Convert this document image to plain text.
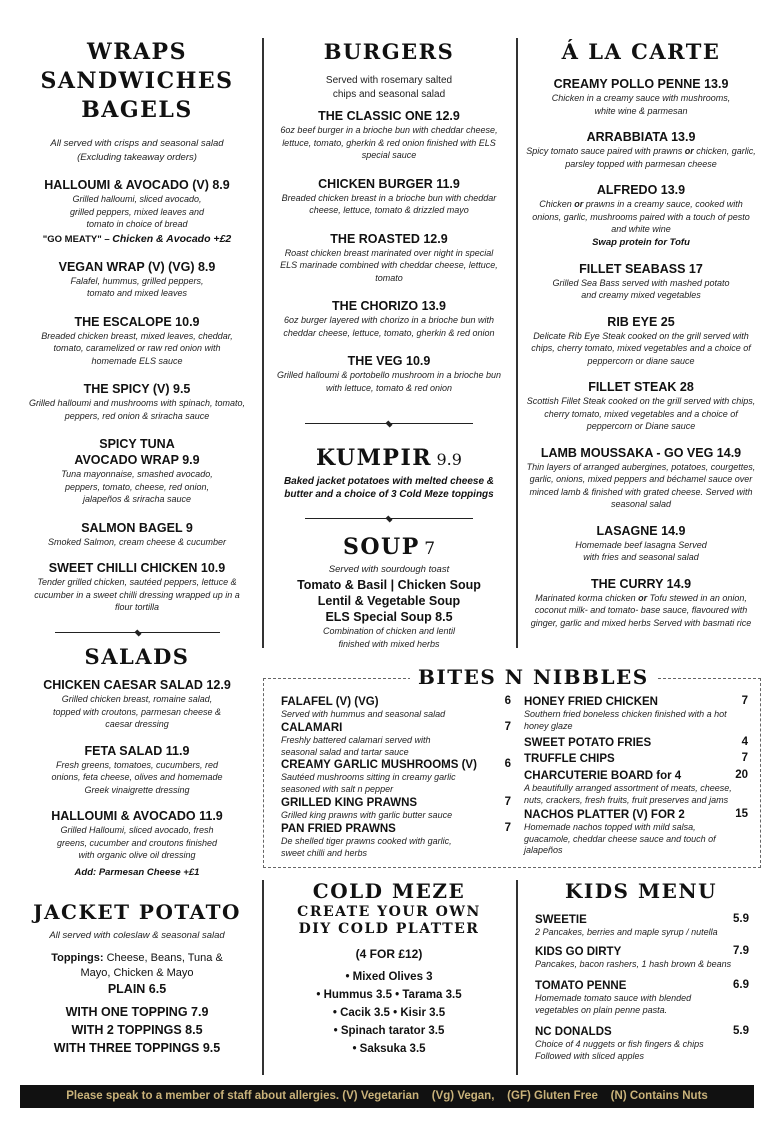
WRAPS
SANDWICHES
BAGELS
All served with crisps and seasonal salad (Excluding takeaway orders)
HALLOUMI & AVOCADO (V) 8.9
Grilled halloumi, sliced avocado, grilled peppers, mixed leaves and tomato in choice of bread
"GO MEATY" – Chicken & Avocado +£2
VEGAN WRAP (V) (VG) 8.9
Falafel, hummus, grilled peppers, tomato and mixed leaves
THE ESCALOPE 10.9
Breaded chicken breast, mixed leaves, cheddar, tomato, caramelized or raw red onion with homemade ELS sauce
THE SPICY (V) 9.5
Grilled halloumi and mushrooms with spinach, tomato, peppers, red onion & sriracha sauce
SPICY TUNA
AVOCADO WRAP 9.9
Tuna mayonnaise, smashed avocado, peppers, tomato, cheese, red onion, jalapeños & sriracha sauce
SALMON BAGEL 9
Smoked Salmon, cream cheese & cucumber
SWEET CHILLI CHICKEN 10.9
Tender grilled chicken, sautéed peppers, lettuce & cucumber in a sweet chilli dressing wrapped up in a flour tortilla
SALADS
CHICKEN CAESAR SALAD 12.9
Grilled chicken breast, romaine salad, topped with croutons, parmesan cheese & caesar dressing
FETA SALAD 11.9
Fresh greens, tomatoes, cucumbers, red onions, feta cheese, olives and homemade Greek vinaigrette dressing
HALLOUMI & AVOCADO 11.9
Grilled Halloumi, sliced avocado, fresh greens, cucumber and croutons finished with organic olive oil dressing
Add: Parmesan Cheese +£1
JACKET POTATO
All served with coleslaw & seasonal salad
Toppings: Cheese, Beans, Tuna & Mayo, Chicken & Mayo
PLAIN 6.5
WITH ONE TOPPING 7.9
WITH 2 TOPPINGS 8.5
WITH THREE TOPPINGS 9.5
BURGERS
Served with rosemary salted chips and seasonal salad
THE CLASSIC ONE 12.9
6oz beef burger in a brioche bun with cheddar cheese, lettuce, tomato, gherkin & red onion finished with ELS special sauce
CHICKEN BURGER 11.9
Breaded chicken breast in a brioche bun with cheddar cheese, lettuce, tomato & drizzled mayo
THE ROASTED 12.9
Roast chicken breast marinated over night in special ELS marinade combined with cheddar cheese, lettuce, tomato
THE CHORIZO 13.9
6oz burger layered with chorizo in a brioche bun with cheddar cheese, lettuce, tomato, gherkin & red onion
THE VEG 10.9
Grilled halloumi & portobello mushroom in a brioche bun with lettuce, tomato & red onion
KUMPIR 9.9
Baked jacket potatoes with melted cheese & butter and a choice of 3 Cold Meze toppings
SOUP 7
Served with sourdough toast
Tomato & Basil | Chicken Soup
Lentil & Vegetable Soup
ELS Special Soup 8.5
Combination of chicken and lentil finished with mixed herbs
Á LA CARTE
CREAMY POLLO PENNE 13.9
Chicken in a creamy sauce with mushrooms, white wine & parmesan
ARRABBIATA 13.9
Spicy tomato sauce paired with prawns or chicken, garlic, parsley topped with parmesan cheese
ALFREDO 13.9
Chicken or prawns in a creamy sauce, cooked with onions, garlic, mushrooms paired with a touch of pesto and white wine
Swap protein for Tofu
FILLET SEABASS 17
Grilled Sea Bass served with mashed potato and creamy mixed vegetables
RIB EYE 25
Delicate Rib Eye Steak cooked on the grill served with chips, cherry tomato, mixed vegetables and a choice of peppercorn or diane sauce
FILLET STEAK 28
Scottish Fillet Steak cooked on the grill served with chips, cherry tomato, mixed vegetables and a choice of peppercorn or Diane sauce
LAMB MOUSSAKA - GO VEG 14.9
Thin layers of arranged aubergines, potatoes, courgettes, garlic, onions, mixed peppers and béchamel sauce over minced lamb & finished with grated cheese. Served with seasonal salad
LASAGNE 14.9
Homemade beef lasagna Served with fries and seasonal salad
THE CURRY 14.9
Marinated korma chicken or Tofu stewed in an onion, coconut milk- and tomato- base sauce, flavoured with ginger, garlic and mixed herbs Served with basmati rice
BITES N NIBBLES
FALAFEL (V) (VG)	6
Served with hummus and seasonal salad
CALAMARI	7
Freshly battered calamari served with seasonal salad and tartar sauce
CREAMY GARLIC MUSHROOMS (V)	6
Sautéed mushrooms sitting in creamy garlic seasoned with salt n pepper
GRILLED KING PRAWNS	7
Grilled king prawns with garlic butter sauce
PAN FRIED PRAWNS	7
De shelled tiger prawns cooked with garlic, sweet chilli and herbs
HONEY FRIED CHICKEN	7
Southern fried boneless chicken finished with a hot honey glaze
SWEET POTATO FRIES	4
TRUFFLE CHIPS	7
CHARCUTERIE BOARD for 4	20
A beautifully arranged assortment of meats, cheese, nuts, crackers, fresh fruits, fruit preserves and jams
NACHOS PLATTER (V) FOR 2	15
Homemade nachos topped with mild salsa, guacamole, cheddar cheese sauce and touch of jalapeños
COLD MEZE
CREATE YOUR OWN
DIY COLD PLATTER
(4 FOR £12)
• Mixed Olives 3
• Hummus 3.5 • Tarama 3.5
• Cacik 3.5 • Kisir 3.5
• Spinach tarator 3.5
• Saksuka 3.5
KIDS MENU
SWEETIE	5.9
2 Pancakes, berries and maple syrup / nutella
KIDS GO DIRTY	7.9
Pancakes, bacon rashers, 1 hash brown & beans
TOMATO PENNE	6.9
Homemade tomato sauce with blended vegetables on plain penne pasta.
NC DONALDS	5.9
Choice of 4 nuggets or fish fingers & chips Followed with sliced apples
Please speak to a member of staff about allergies. (V) Vegetarian    (Vg) Vegan,    (GF) Gluten Free    (N) Contains Nuts
